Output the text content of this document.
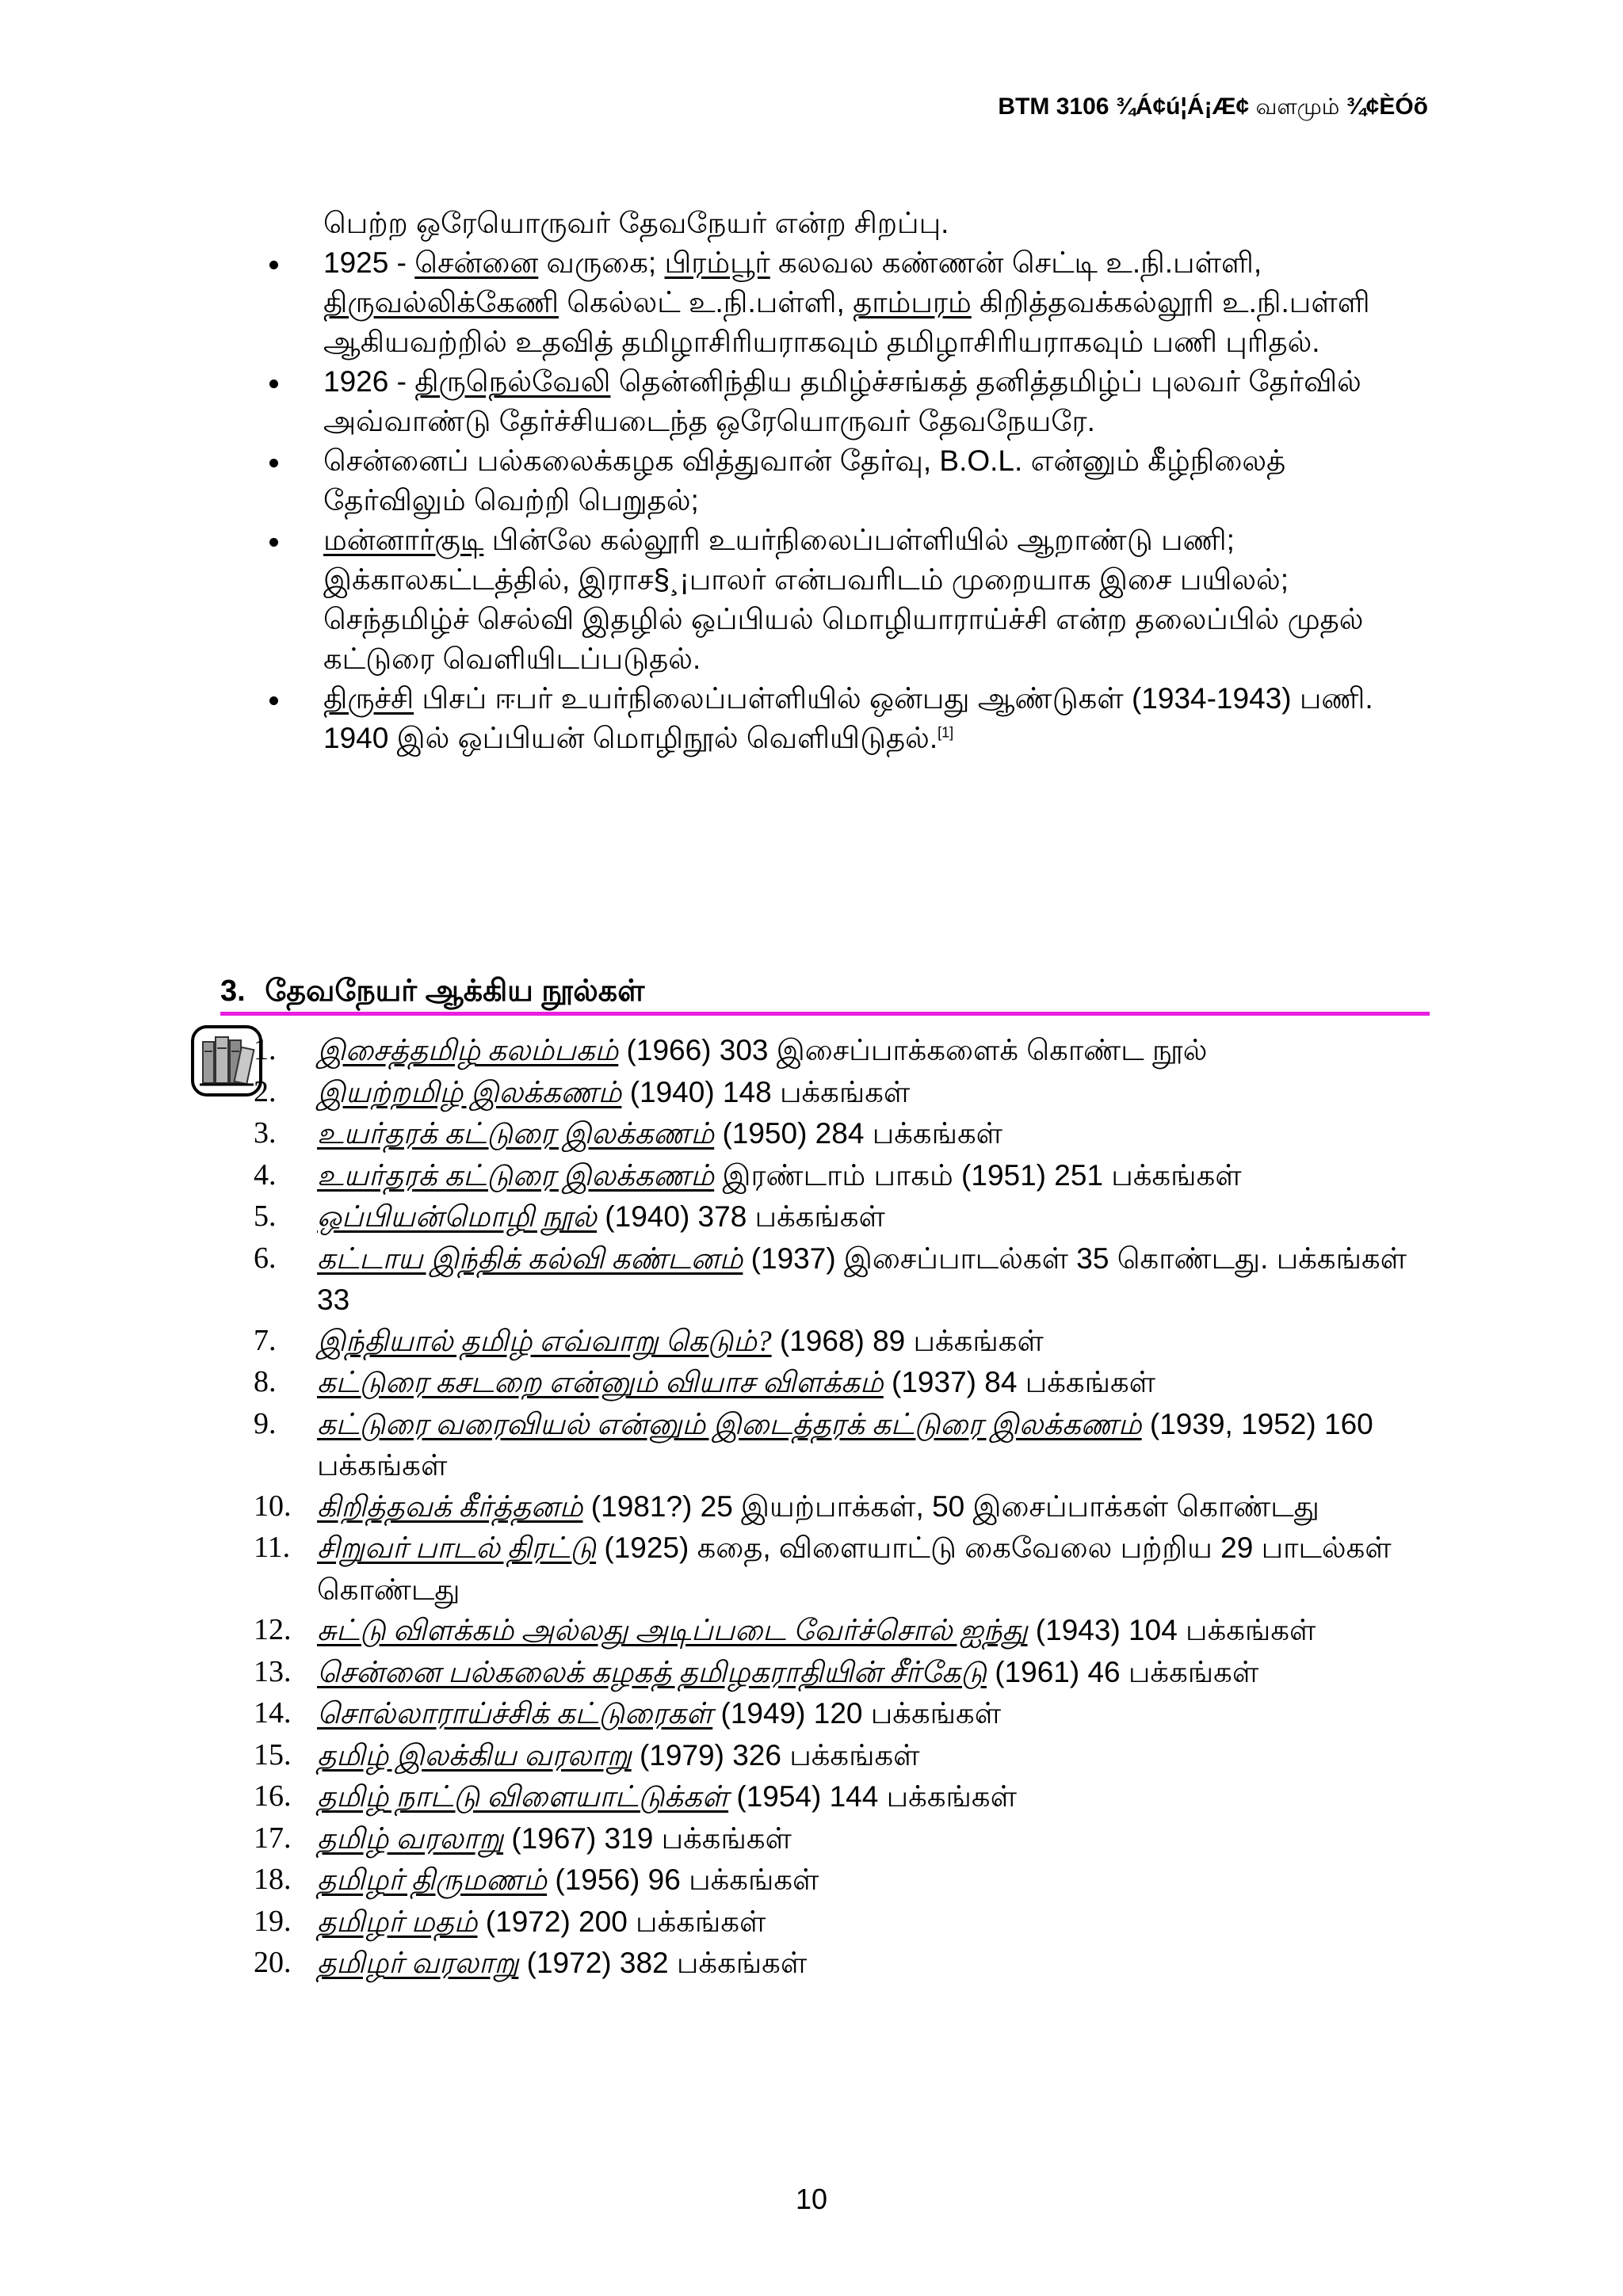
BTM 3106 ¾Á¢ú¦Á¡Æ¢ வளமும் ¾¢ÈÓõ
பெற்ற ஒரேயொருவர் தேவநேயர் என்ற சிறப்பு.
1925 - சென்னை வருகை; பிரம்பூர் கலவல கண்ணன் செட்டி உ.நி.பள்ளி, திருவல்லிக்கேணி கெல்லட் உ.நி.பள்ளி, தாம்பரம் கிறித்தவக்கல்லூரி உ.நி.பள்ளி ஆகியவற்றில் உதவித் தமிழாசிரியராகவும் தமிழாசிரியராகவும் பணி புரிதல்.
1926 - திருநெல்வேலி தென்னிந்திய தமிழ்ச்சங்கத் தனித்தமிழ்ப் புலவர் தேர்வில் அவ்வாண்டு தேர்ச்சியடைந்த ஒரேயொருவர் தேவநேயரே.
சென்னைப் பல்கலைக்கழக வித்துவான் தேர்வு, B.O.L. என்னும் கீழ்நிலைத் தேர்விலும் வெற்றி பெறுதல்;
மன்னார்குடி பின்லே கல்லூரி உயர்நிலைப்பள்ளியில் ஆறாண்டு பணி; இக்காலகட்டத்தில், இராச§¸¡பாலர் என்பவரிடம் முறையாக இசை பயிலல்; செந்தமிழ்ச் செல்வி இதழில் ஒப்பியல் மொழியாராய்ச்சி என்ற தலைப்பில் முதல் கட்டுரை வெளியிடப்படுதல்.
திருச்சி பிசப் ஈபர் உயர்நிலைப்பள்ளியில் ஒன்பது ஆண்டுகள் (1934-1943) பணி. 1940 இல் ஒப்பியன் மொழிநூல் வெளியிடுதல்.[1]
3. தேவநேயர் ஆக்கிய நூல்கள்
1.	இசைத்தமிழ் கலம்பகம் (1966) 303 இசைப்பாக்களைக் கொண்ட நூல்
2.	இயற்றமிழ் இலக்கணம் (1940) 148 பக்கங்கள்
3.	உயர்தரக் கட்டுரை இலக்கணம் (1950) 284 பக்கங்கள்
4.	உயர்தரக் கட்டுரை இலக்கணம் இரண்டாம் பாகம் (1951) 251 பக்கங்கள்
5.	ஒப்பியன்மொழி நூல் (1940) 378 பக்கங்கள்
6.	கட்டாய இந்திக் கல்வி கண்டனம் (1937) இசைப்பாடல்கள் 35 கொண்டது. பக்கங்கள் 33
7.	இந்தியால் தமிழ் எவ்வாறு கெடும்? (1968) 89 பக்கங்கள்
8.	கட்டுரை கசடறை என்னும் வியாச விளக்கம் (1937) 84 பக்கங்கள்
9.	கட்டுரை வரைவியல் என்னும் இடைத்தரக் கட்டுரை இலக்கணம் (1939, 1952) 160 பக்கங்கள்
10. கிறித்தவக் கீர்த்தனம் (1981?) 25 இயற்பாக்கள், 50 இசைப்பாக்கள் கொண்டது
11. சிறுவர் பாடல் திரட்டு (1925) கதை, விளையாட்டு கைவேலை பற்றிய 29 பாடல்கள் கொண்டது
12. சுட்டு விளக்கம் அல்லது அடிப்படை வேர்ச்சொல் ஐந்து (1943) 104 பக்கங்கள்
13. சென்னை பல்கலைக் கழகத் தமிழகராதியின் சீர்கேடு (1961) 46 பக்கங்கள்
14. சொல்லாராய்ச்சிக் கட்டுரைகள் (1949) 120 பக்கங்கள்
15. தமிழ் இலக்கிய வரலாறு (1979) 326 பக்கங்கள்
16. தமிழ் நாட்டு விளையாட்டுக்கள் (1954) 144 பக்கங்கள்
17. தமிழ் வரலாறு (1967) 319 பக்கங்கள்
18. தமிழர் திருமணம் (1956) 96 பக்கங்கள்
19. தமிழர் மதம் (1972) 200 பக்கங்கள்
20. தமிழர் வரலாறு (1972) 382 பக்கங்கள்
10
